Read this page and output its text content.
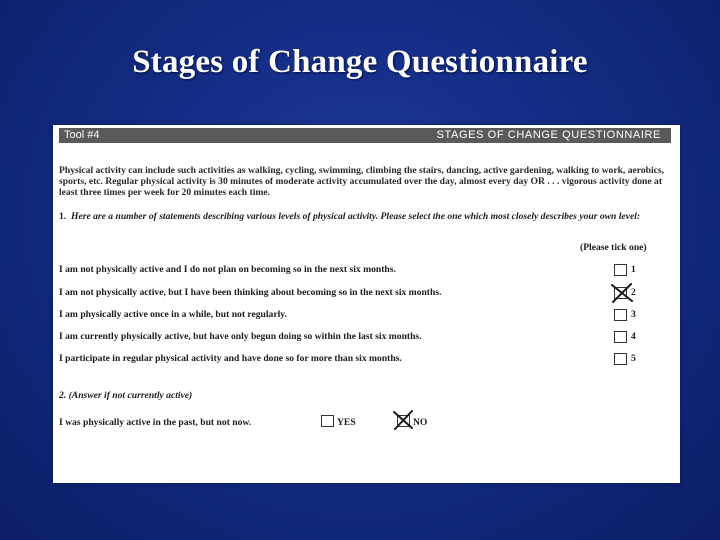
Stages of Change Questionnaire
Tool #4	STAGES OF CHANGE QUESTIONNAIRE
Physical activity can include such activities as walking, cycling, swimming, climbing the stairs, dancing, active gardening, walking to work, aerobics, sports, etc. Regular physical activity is 30 minutes of moderate activity accumulated over the day, almost every day OR . . . vigorous activity done at least three times per week for 20 minutes each time.
1. Here are a number of statements describing various levels of physical activity. Please select the one which most closely describes your own level:
(Please tick one)
I am not physically active and I do not plan on becoming so in the next six months.	1
I am not physically active, but I have been thinking about becoming so in the next six months.	2
I am physically active once in a while, but not regularly.	3
I am currently physically active, but have only begun doing so within the last six months.	4
I participate in regular physical activity and have done so for more than six months.	5
2. (Answer if not currently active)
I was physically active in the past, but not now.	YES	NO
